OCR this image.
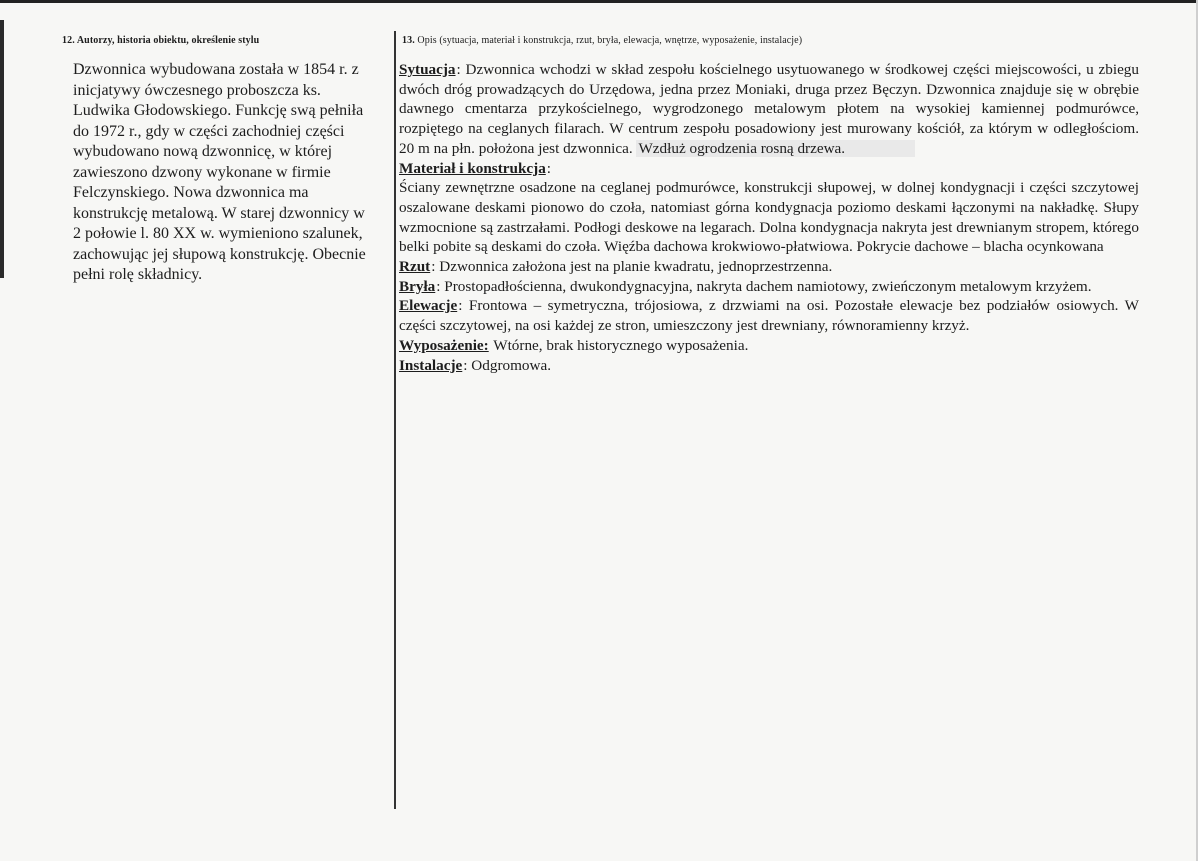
12. Autorzy, historia obiektu, określenie stylu	13. Opis (sytuacja, materiał i konstrukcja, rzut, bryła, elewacja, wnętrze, wyposażenie, instalacje)

Dzwonnica wybudowana została w 1854 r. z inicjatywy ówczesnego proboszcza ks. Ludwika Głodowskiego. Funkcję swą pełniła do 1972 r., gdy w części zachodniej części wybudowano nową dzwonnicę, w której zawieszono dzwony wykonane w firmie Felczynskiego. Nowa dzwonnica ma konstrukcję metalową. W starej dzwonnicy w 2 połowie l. 80 XX w. wymieniono szalunek, zachowując jej słupową konstrukcję. Obecnie pełni rolę składnicy.

Sytuacja: Dzwonnica wchodzi w skład zespołu kościelnego usytuowanego w środkowej części miejscowości, u zbiegu dwóch dróg prowadzących do Urzędowa, jedna przez Moniaki, druga przez Bęczyn. Dzwonnica znajduje się w obrębie dawnego cmentarza przykościelnego, wygrodzonego metalowym płotem na wysokiej kamiennej podmurówce, rozpiętego na ceglanych filarach. W centrum zespołu posadowiony jest murowany kościół, za którym w odległościom. 20 m na płn. położona jest dzwonnica. Wzdłuż ogrodzenia rosną drzewa.

Materiał i konstrukcja:

Ściany zewnętrzne osadzone na ceglanej podmurówce, konstrukcji słupowej, w dolnej kondygnacji i części szczytowej oszalowane deskami pionowo do czoła, natomiast górna kondygnacja poziomo deskami łączonymi na nakładkę. Słupy wzmocnione są zastrzałami. Podłogi deskowe na legarach. Dolna kondygnacja nakryta jest drewnianym stropem, którego belki pobite są deskami do czoła. Więźba dachowa krokwiowo-płatwiowa. Pokrycie dachowe – blacha ocynkowana

Rzut: Dzwonnica założona jest na planie kwadratu, jednoprzestrzenna.

Bryła: Prostopadłościenna, dwukondygnacyjna, nakryta dachem namiotowy, zwieńczonym metalowym krzyżem.

Elewacje: Frontowa – symetryczna, trójosiowa, z drzwiami na osi. Pozostałe elewacje bez podziałów osiowych. W części szczytowej, na osi każdej ze stron, umieszczony jest drewniany, równoramienny krzyż.

Wyposażenie: Wtórne, brak historycznego wyposażenia.

Instalacje: Odgromowa.
